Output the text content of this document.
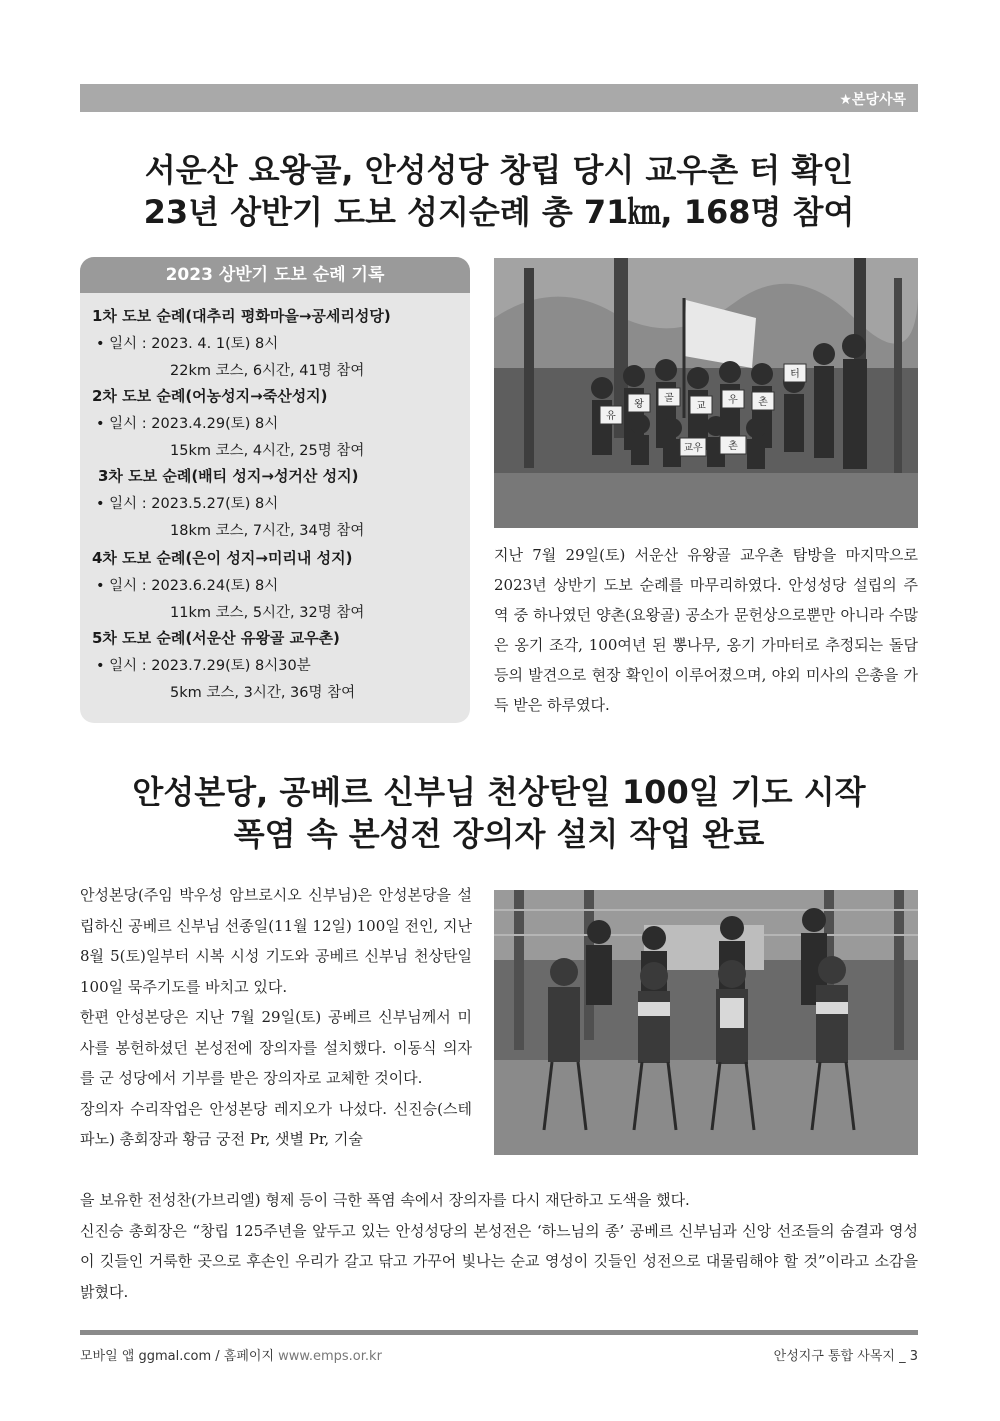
★본당사목
서운산 요왕골, 안성성당 창립 당시 교우촌 터 확인
23년 상반기 도보 성지순례 총 71㎞, 168명 참여
2023 상반기 도보 순례 기록
1차 도보 순례(대추리 평화마을→공세리성당)
• 일시 : 2023. 4. 1(토) 8시
22km 코스, 6시간, 41명 참여
2차 도보 순례(어농성지→죽산성지)
• 일시 : 2023.4.29(토) 8시
15km 코스, 4시간, 25명 참여
3차 도보 순례(배티 성지→성거산 성지)
• 일시 : 2023.5.27(토) 8시
18km 코스, 7시간, 34명 참여
4차 도보 순례(은이 성지→미리내 성지)
• 일시 : 2023.6.24(토) 8시
11km 코스, 5시간, 32명 참여
5차 도보 순례(서운산 유왕골 교우촌)
• 일시 : 2023.7.29(토) 8시30분
5km 코스, 3시간, 36명 참여
유
왕
골
교
우 촌
터
교우	촌
지난 7월 29일(토) 서운산 유왕골 교우촌 탐방을 마지막으로 2023년 상반기 도보 순례를 마무리하였다. 안성성당 설립의 주역 중 하나였던 양촌(요왕골) 공소가 문헌상으로뿐만 아니라 수많은 옹기 조각, 100여년 된 뽕나무, 옹기 가마터로 추정되는 돌담 등의 발견으로 현장 확인이 이루어졌으며, 야외 미사의 은총을 가득 받은 하루였다.
안성본당, 공베르 신부님 천상탄일 100일 기도 시작
폭염 속 본성전 장의자 설치 작업 완료

안성본당(주임 박우성 암브로시오 신부님)은 안성본당을 설립하신 공베르 신부님 선종일(11월 12일) 100일 전인, 지난 8월 5(토)일부터 시복 시성 기도와 공베르 신부님 천상탄일 100일 묵주기도를 바치고 있다.

한편 안성본당은 지난 7월 29일(토) 공베르 신부님께서 미사를 봉헌하셨던 본성전에 장의자를 설치했다. 이동식 의자를 군 성당에서 기부를 받은 장의자로 교체한 것이다.

장의자 수리작업은 안성본당 레지오가 나섰다. 신진승(스테파노) 총회장과 황금 궁전 Pr, 샛별 Pr, 기술

을 보유한 전성찬(가브리엘) 형제 등이 극한 폭염 속에서 장의자를 다시 재단하고 도색을 했다.

신진승 총회장은 “창립 125주년을 앞두고 있는 안성성당의 본성전은 ‘하느님의 종’ 공베르 신부님과 신앙 선조들의 숨결과 영성이 깃들인 거룩한 곳으로 후손인 우리가 갈고 닦고 가꾸어 빛나는 순교 영성이 깃들인 성전으로 대물림해야 할 것”이라고 소감을 밝혔다.

모바일 앱 ggmal.com / 홈페이지 www.emps.or.kr	안성지구 통합 사목지 _ 3
